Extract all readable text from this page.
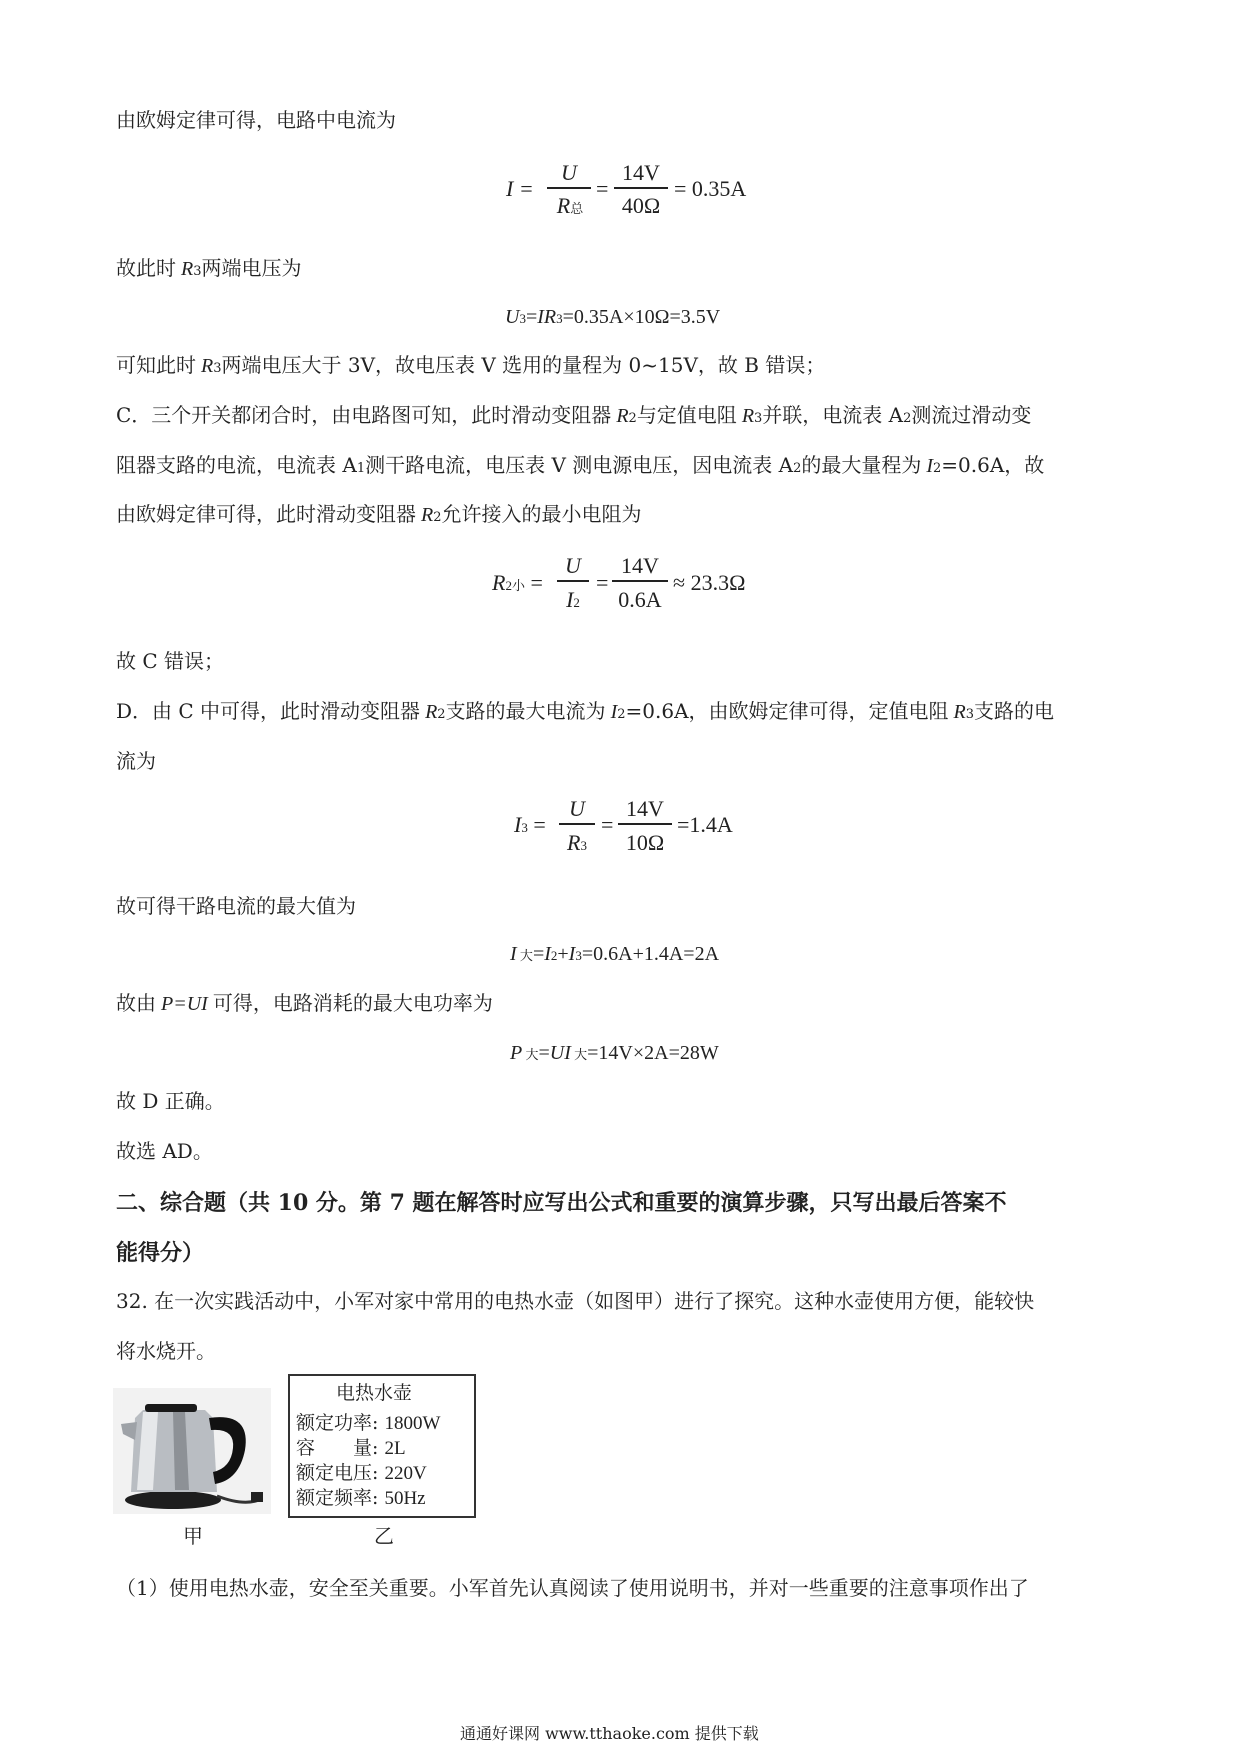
由欧姆定律可得，电路中电流为
I =
U
R总
=
14V
40Ω
= 0.35A
故此时 R3两端电压为
U3=IR3=0.35A×10Ω=3.5V
可知此时 R3两端电压大于 3V，故电压表 V 选用的量程为 0~15V，故 B 错误；
C．三个开关都闭合时，由电路图可知，此时滑动变阻器 R2与定值电阻 R3并联，电流表 A2测流过滑动变
阻器支路的电流，电流表 A1测干路电流，电压表 V 测电源电压，因电流表 A2的最大量程为 I2=0.6A，故
由欧姆定律可得，此时滑动变阻器 R2允许接入的最小电阻为
R2小 =
U
I2
=
14V
0.6A
≈ 23.3Ω
故 C 错误；
D．由 C 中可得，此时滑动变阻器 R2支路的最大电流为 I2=0.6A，由欧姆定律可得，定值电阻 R3支路的电
流为
I3 =
U
R3
=
14V
10Ω
=1.4A
故可得干路电流的最大值为
I 大=I2+I3=0.6A+1.4A=2A
故由 P=UI 可得，电路消耗的最大电功率为
P 大=UI 大=14V×2A=28W
故 D 正确。
故选 AD。
二、综合题（共 10 分。第 7 题在解答时应写出公式和重要的演算步骤，只写出最后答案不
能得分）
32. 在一次实践活动中，小军对家中常用的电热水壶（如图甲）进行了探究。这种水壶使用方便，能较快
将水烧开。
甲
电热水壶
额定功率: 1800W
容　　量: 2L
额定电压: 220V
额定频率: 50Hz
乙
（1）使用电热水壶，安全至关重要。小军首先认真阅读了使用说明书，并对一些重要的注意事项作出了
通通好课网 www.tthaoke.com 提供下载
